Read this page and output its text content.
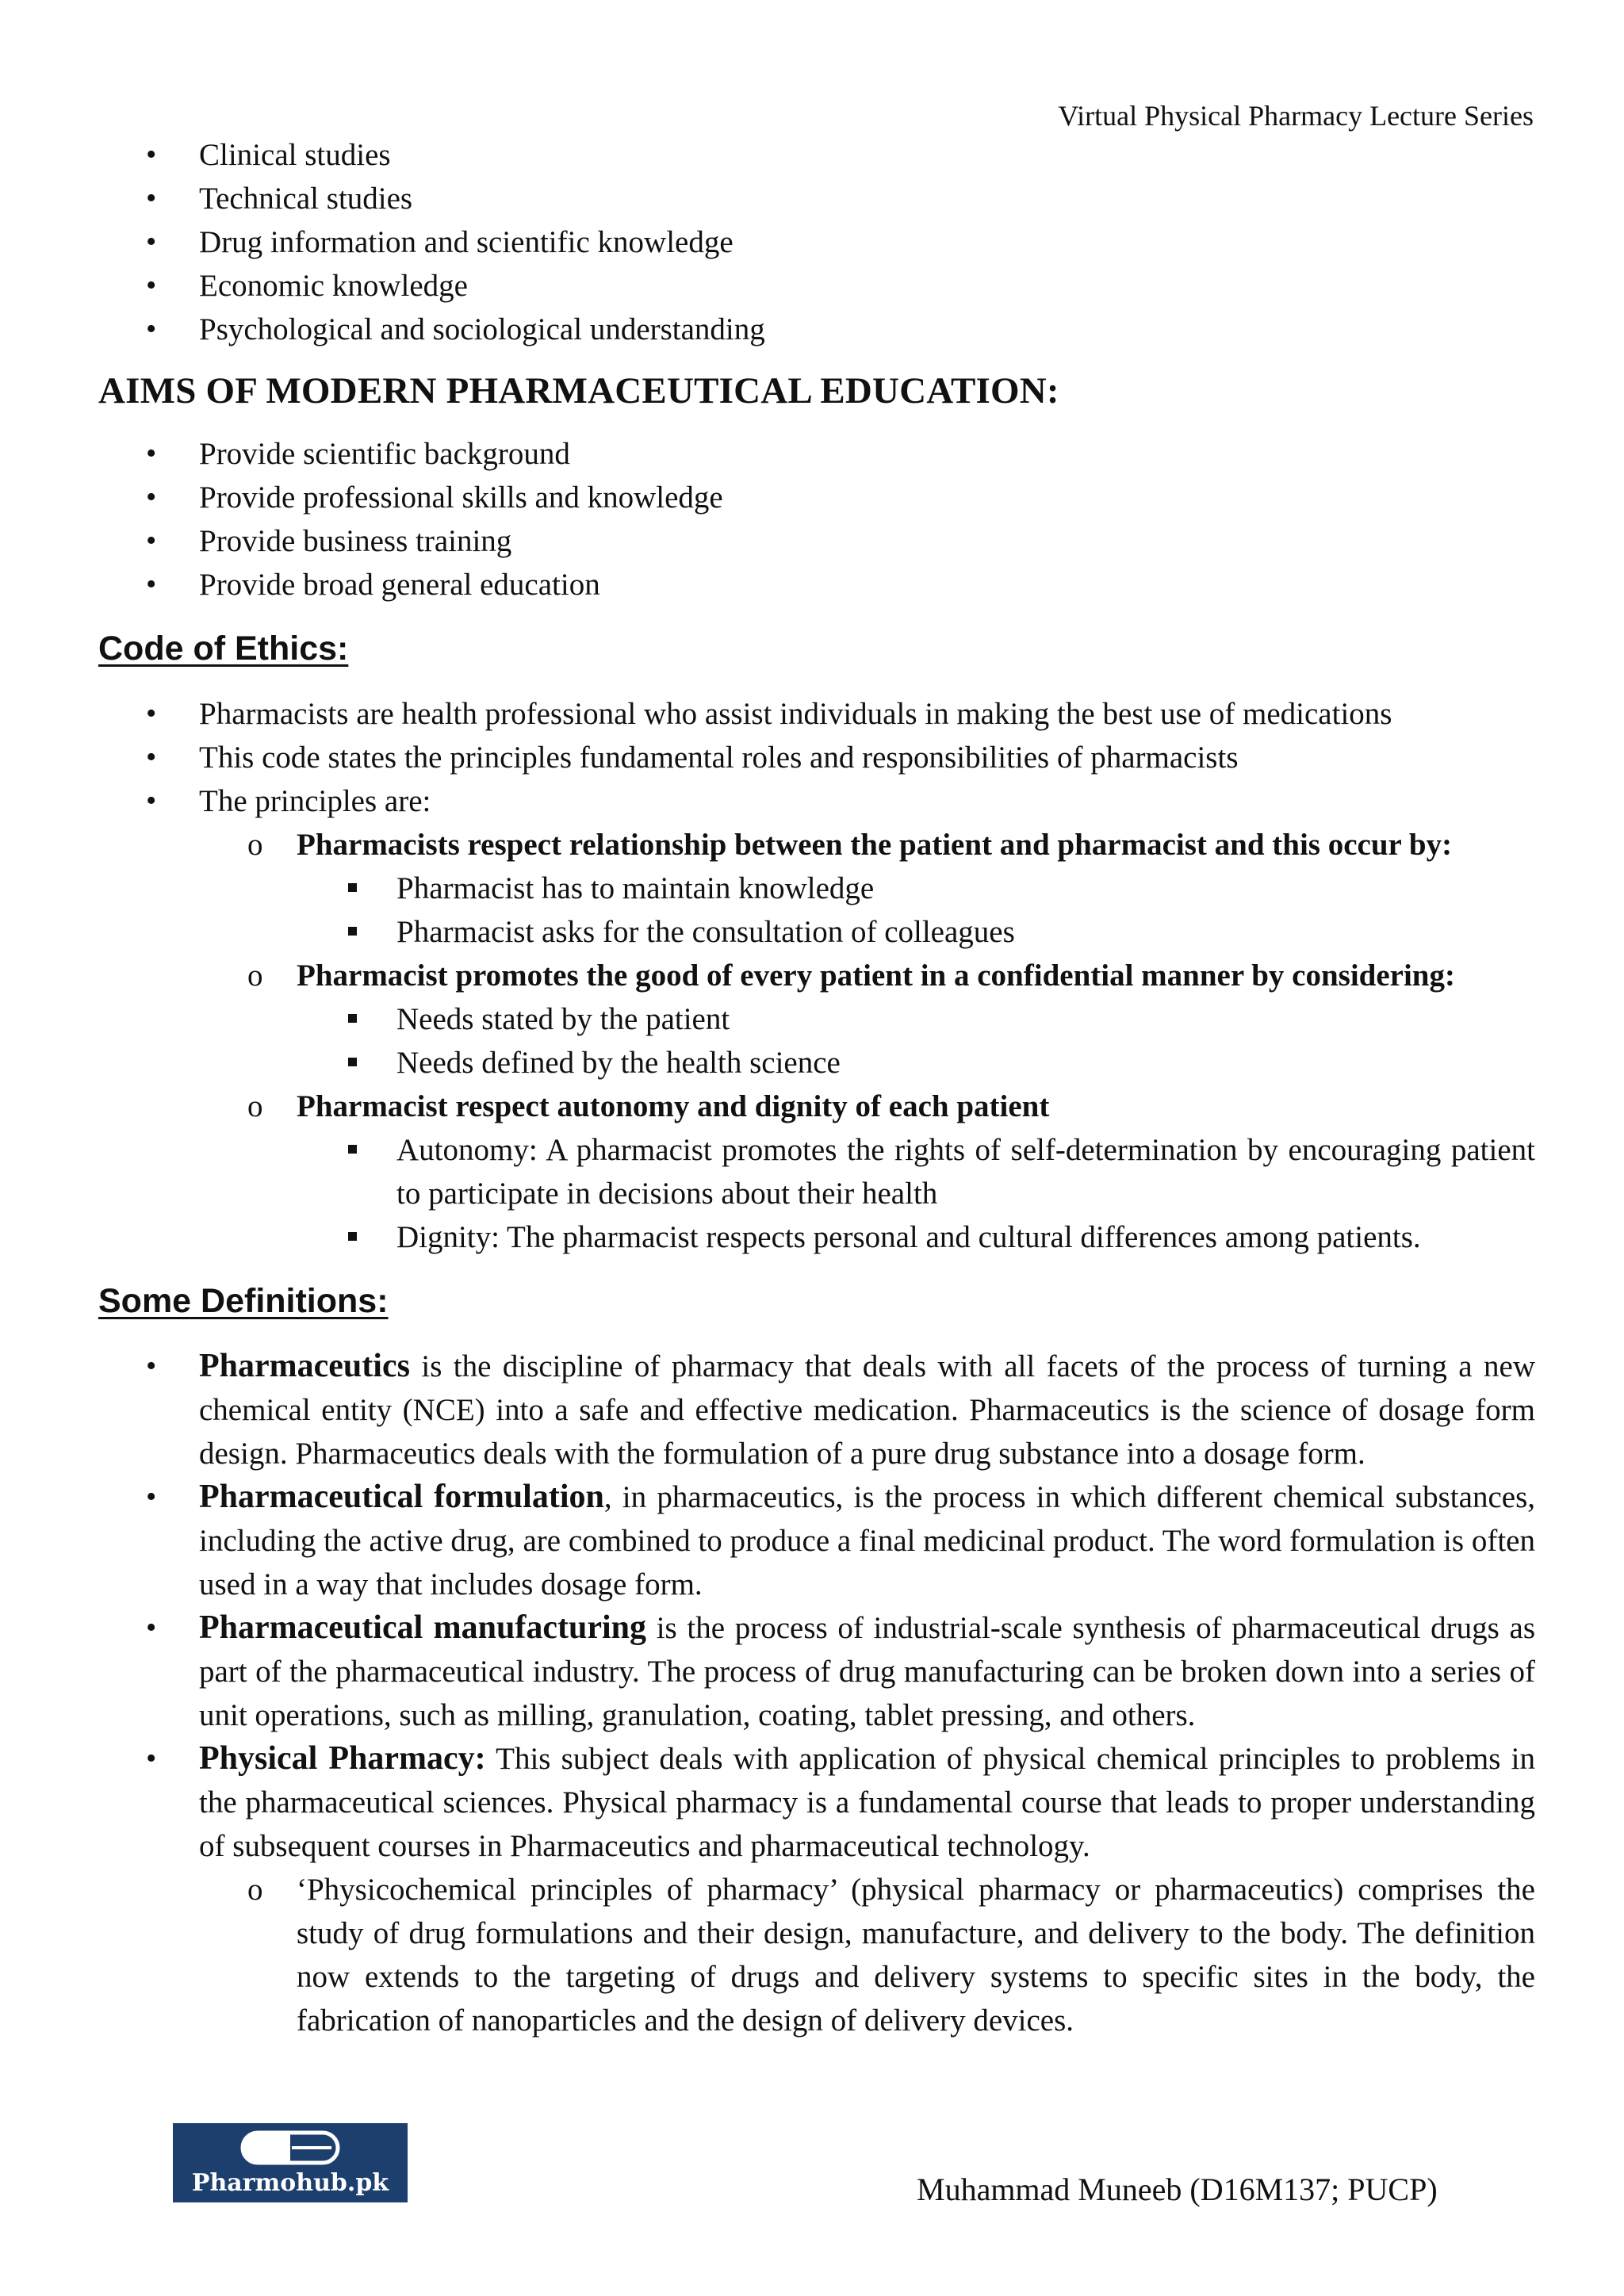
Virtual Physical Pharmacy Lecture Series
• Clinical studies
• Technical studies
• Drug information and scientific knowledge
• Economic knowledge
• Psychological and sociological understanding
AIMS OF MODERN PHARMACEUTICAL EDUCATION:
• Provide scientific background
• Provide professional skills and knowledge
• Provide business training
• Provide broad general education
Code of Ethics:
• Pharmacists are health professional who assist individuals in making the best use of medications
• This code states the principles fundamental roles and responsibilities of pharmacists
• The principles are:
o Pharmacists respect relationship between the patient and pharmacist and this occur by:
Pharmacist has to maintain knowledge
Pharmacist asks for the consultation of colleagues
o Pharmacist promotes the good of every patient in a confidential manner by considering:
Needs stated by the patient
Needs defined by the health science
o Pharmacist respect autonomy and dignity of each patient
Autonomy: A pharmacist promotes the rights of self-determination by encouraging patient to participate in decisions about their health
Dignity: The pharmacist respects personal and cultural differences among patients.
Some Definitions:
• Pharmaceutics is the discipline of pharmacy that deals with all facets of the process of turning a new chemical entity (NCE) into a safe and effective medication. Pharmaceutics is the science of dosage form design. Pharmaceutics deals with the formulation of a pure drug substance into a dosage form.
• Pharmaceutical formulation, in pharmaceutics, is the process in which different chemical substances, including the active drug, are combined to produce a final medicinal product. The word formulation is often used in a way that includes dosage form.
• Pharmaceutical manufacturing is the process of industrial-scale synthesis of pharmaceutical drugs as part of the pharmaceutical industry. The process of drug manufacturing can be broken down into a series of unit operations, such as milling, granulation, coating, tablet pressing, and others.
• Physical Pharmacy: This subject deals with application of physical chemical principles to problems in the pharmaceutical sciences. Physical pharmacy is a fundamental course that leads to proper understanding of subsequent courses in Pharmaceutics and pharmaceutical technology.
o ‘Physicochemical principles of pharmacy’ (physical pharmacy or pharmaceutics) comprises the study of drug formulations and their design, manufacture, and delivery to the body. The definition now extends to the targeting of drugs and delivery systems to specific sites in the body, the fabrication of nanoparticles and the design of delivery devices.
Pharmohub.pk	Muhammad Muneeb (D16M137; PUCP)
